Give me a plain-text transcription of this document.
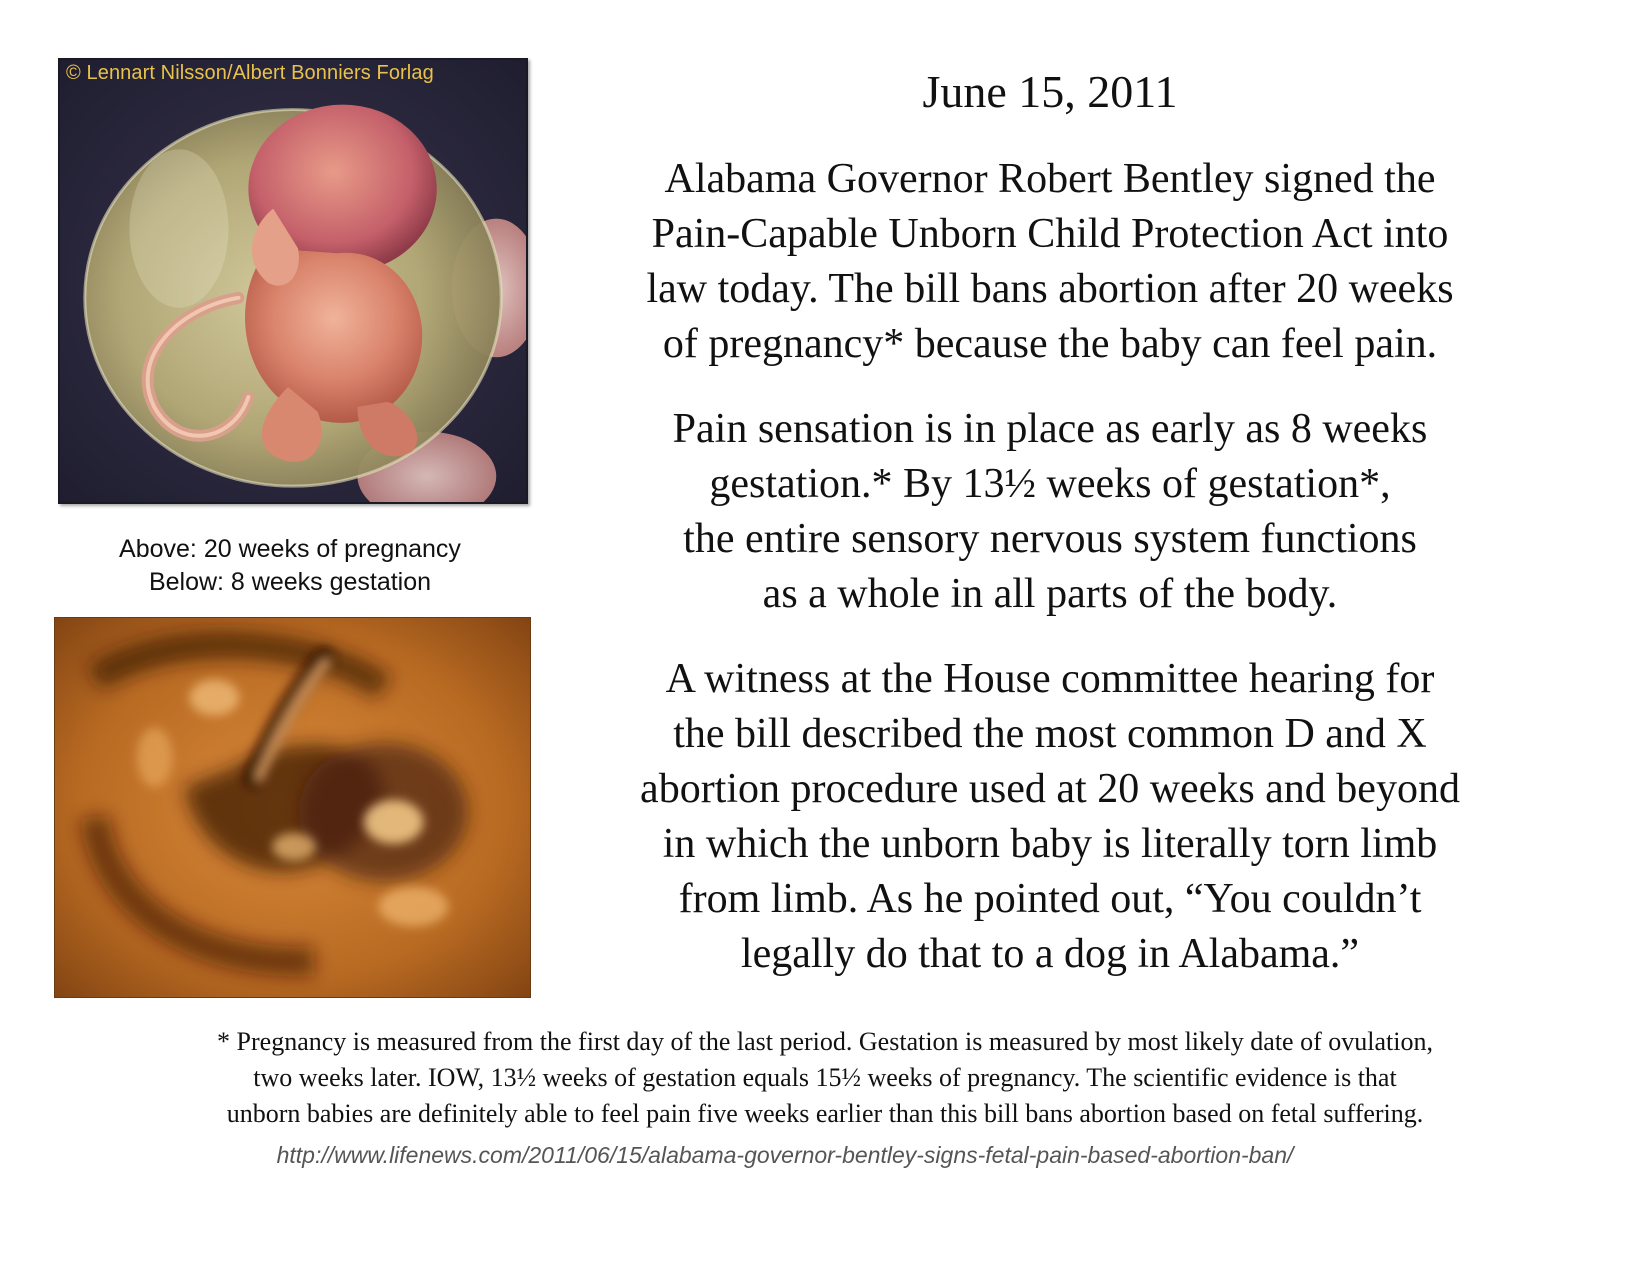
© Lennart Nilsson/Albert Bonniers Forlag
Above: 20 weeks of pregnancy
Below: 8 weeks gestation
June 15, 2011
Alabama Governor Robert Bentley signed the
Pain-Capable Unborn Child Protection Act into
law today. The bill bans abortion after 20 weeks
of pregnancy* because the baby can feel pain.
Pain sensation is in place as early as 8 weeks
gestation.* By 13½ weeks of gestation*,
the entire sensory nervous system functions
as a whole in all parts of the body.
A witness at the House committee hearing for
the bill described the most common D and X
abortion procedure used at 20 weeks and beyond
in which the unborn baby is literally torn limb
from limb. As he pointed out, “You couldn’t
legally do that to a dog in Alabama.”
* Pregnancy is measured from the first day of the last period. Gestation is measured by most likely date of ovulation,
two weeks later. IOW, 13½ weeks of gestation equals 15½ weeks of pregnancy. The scientific evidence is that
unborn babies are definitely able to feel pain five weeks earlier than this bill bans abortion based on fetal suffering.
http://www.lifenews.com/2011/06/15/alabama-governor-bentley-signs-fetal-pain-based-abortion-ban/
